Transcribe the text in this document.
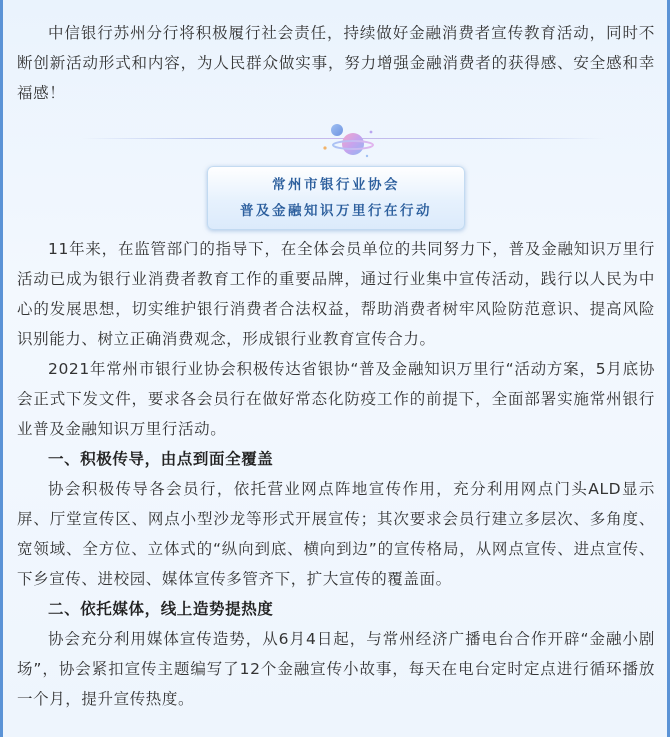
中信银行苏州分行将积极履行社会责任，持续做好金融消费者宣传教育活动，同时不断创新活动形式和内容，为人民群众做实事，努力增强金融消费者的获得感、安全感和幸福感！

常州市银行业协会
普及金融知识万里行在行动

11年来，在监管部门的指导下，在全体会员单位的共同努力下，普及金融知识万里行活动已成为银行业消费者教育工作的重要品牌，通过行业集中宣传活动，践行以人民为中心的发展思想，切实维护银行消费者合法权益，帮助消费者树牢风险防范意识、提高风险识别能力、树立正确消费观念，形成银行业教育宣传合力。

2021年常州市银行业协会积极传达省银协“普及金融知识万里行“活动方案，5月底协会正式下发文件，要求各会员行在做好常态化防疫工作的前提下，全面部署实施常州银行业普及金融知识万里行活动。

一、积极传导，由点到面全覆盖

协会积极传导各会员行，依托营业网点阵地宣传作用，充分利用网点门头ALD显示屏、厅堂宣传区、网点小型沙龙等形式开展宣传；其次要求会员行建立多层次、多角度、宽领域、全方位、立体式的“纵向到底、横向到边”的宣传格局，从网点宣传、进点宣传、下乡宣传、进校园、媒体宣传多管齐下，扩大宣传的覆盖面。

二、依托媒体，线上造势提热度

协会充分利用媒体宣传造势，从6月4日起，与常州经济广播电台合作开辟“金融小剧场”，协会紧扣宣传主题编写了12个金融宣传小故事，每天在电台定时定点进行循环播放一个月，提升宣传热度。
